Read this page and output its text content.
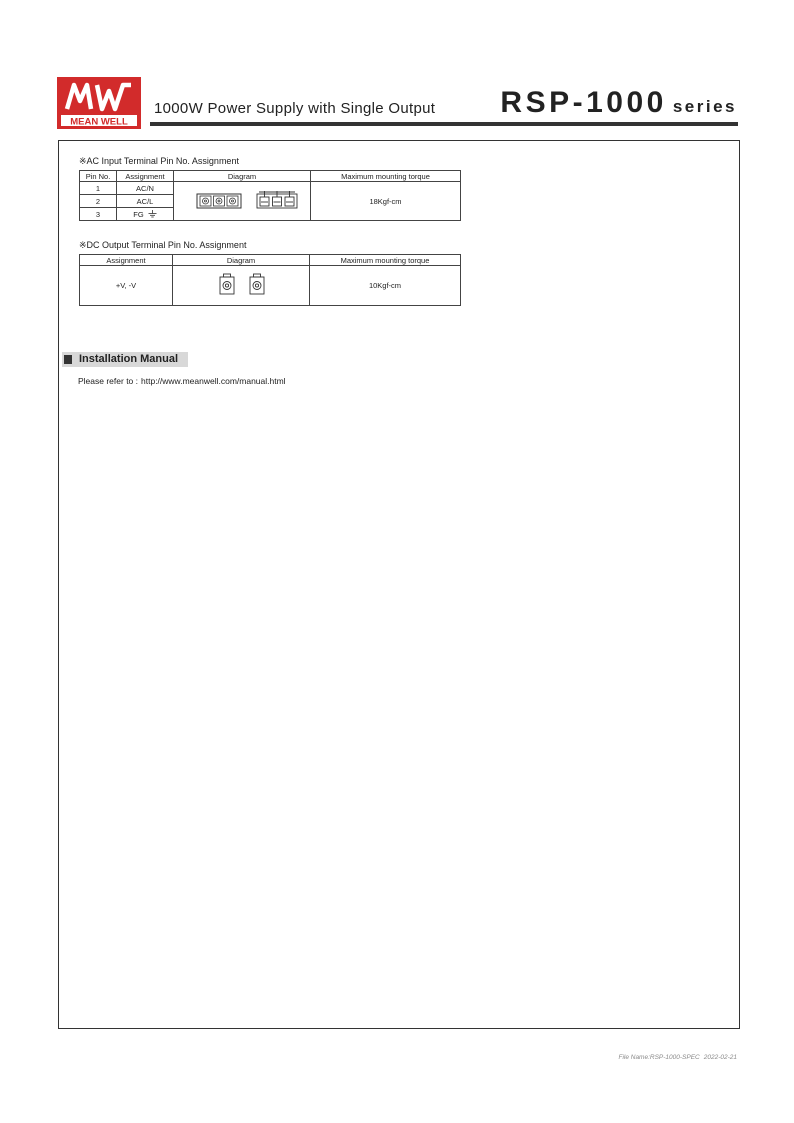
MEAN WELL
1000W Power Supply with Single Output RSP-1000 series
※AC Input Terminal Pin No. Assignment
Pin No.	Assignment	Diagram	Maximum mounting torque
1	AC/N		18Kgf-cm
2	AC/L		
3	FG		
※DC Output Terminal Pin No. Assignment
Assignment	Diagram	Maximum mounting torque
+V, -V		10Kgf-cm
Installation Manual
Please refer to : http://www.meanwell.com/manual.html
File Name:RSP-1000-SPEC 2022-02-21
